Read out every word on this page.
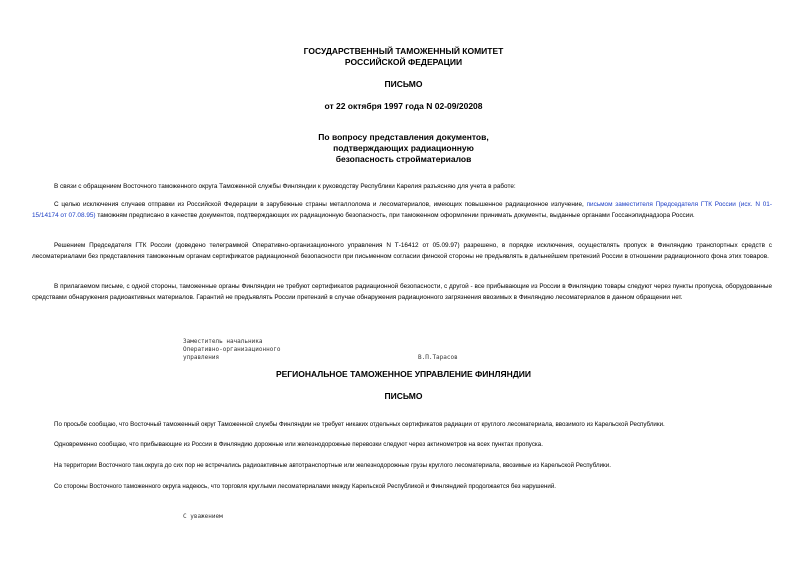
ГОСУДАРСТВЕННЫЙ ТАМОЖЕННЫЙ КОМИТЕТ
РОССИЙСКОЙ ФЕДЕРАЦИИ
ПИСЬМО
от 22 октября 1997 года N 02-09/20208
По вопросу представления документов,
подтверждающих радиационную
безопасность стройматериалов
В связи с обращением Восточного таможенного округа Таможенной службы Финляндии к руководству Республики Карелия разъясняю для учета в работе:
С целью исключения случаев отправки из Российской Федерации в зарубежные страны металлолома и лесоматериалов, имеющих повышенное радиационное излучение, письмом заместителя Председателя ГТК России (исх. N 01-15/14174 от 07.08.95) таможням предписано в качестве документов, подтверждающих их радиационную безопасность, при таможенном оформлении принимать документы, выданные органами Госсанэпиднадзора России.
Решением Председателя ГТК России (доведено телеграммой Оперативно-организационного управления N Т-16412 от 05.09.97) разрешено, в порядке исключения, осуществлять пропуск в Финляндию транспортных средств с лесоматериалами без представления таможенным органам сертификатов радиационной безопасности при письменном согласии финской стороны не предъявлять в дальнейшем претензий России в отношении радиационного фона этих товаров.
В прилагаемом письме, с одной стороны, таможенные органы Финляндии не требуют сертификатов радиационной безопасности, с другой - все прибывающие из России в Финляндию товары следуют через пункты пропуска, оборудованные средствами обнаружения радиоактивных материалов. Гарантий не предъявлять России претензий в случае обнаружения радиационного загрязнения ввозимых в Финляндию лесоматериалов в данном обращении нет.
Заместитель начальника
Оперативно-организационного
управления	В.П.Тарасов
РЕГИОНАЛЬНОЕ ТАМОЖЕННОЕ УПРАВЛЕНИЕ ФИНЛЯНДИИ
ПИСЬМО
По просьбе сообщаю, что Восточный таможенный округ Таможенной службы Финляндии не требует никаких отдельных сертификатов радиации от круглого лесоматериала, ввозимого из Карельской Республики.
Одновременно сообщаю, что прибывающие из России в Финляндию дорожные или железнодорожные перевозки следуют через актинометров на всех пунктах пропуска.
На территории Восточного там.округа до сих пор не встречались радиоактивные автотранспортные или железнодорожные грузы круглого лесоматериала, ввозимые из Карельской Республики.
Со стороны Восточного таможенного округа надеюсь, что торговля круглыми лесоматериалами между Карельской Республикой и Финляндией продолжается без нарушений.
С уважением
